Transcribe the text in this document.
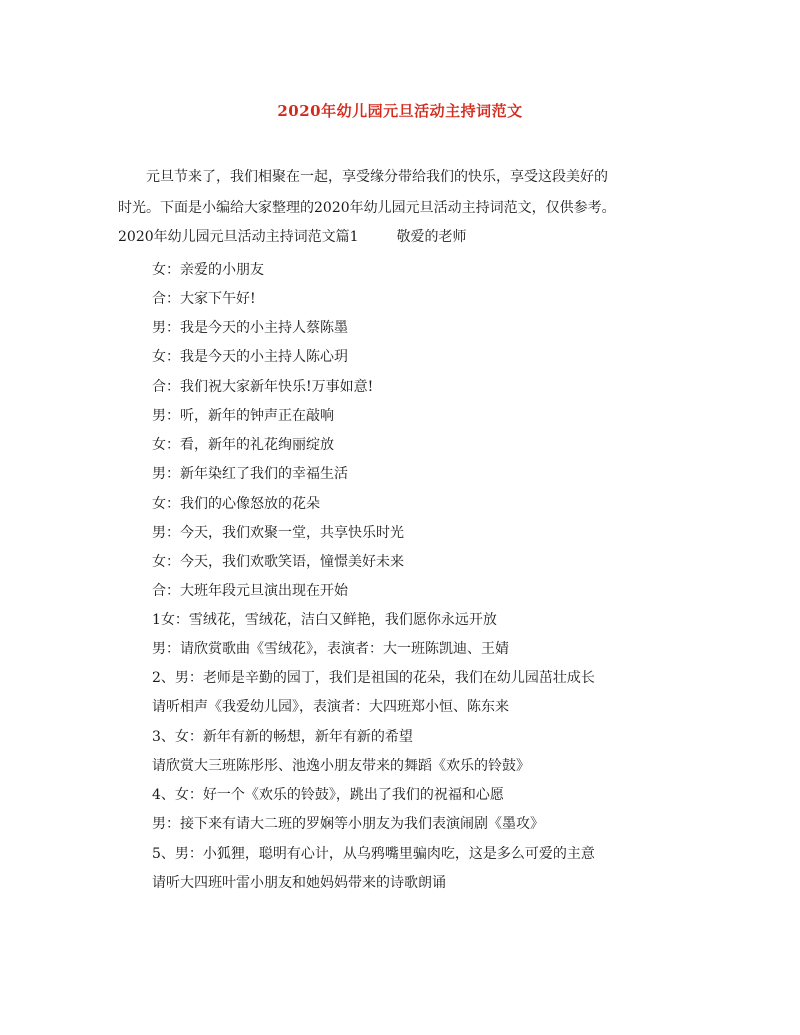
2020年幼儿园元旦活动主持词范文

元旦节来了，我们相聚在一起，享受缘分带给我们的快乐，享受这段美好的

时光。下面是小编给大家整理的2020年幼儿园元旦活动主持词范文，仅供参考。

2020年幼儿园元旦活动主持词范文篇1	敬爱的老师
女：亲爱的小朋友
合：大家下午好!
男：我是今天的小主持人蔡陈墨
女：我是今天的小主持人陈心玥
合：我们祝大家新年快乐!万事如意!
男：听，新年的钟声正在敲响
女：看，新年的礼花绚丽绽放
男：新年染红了我们的幸福生活
女：我们的心像怒放的花朵
男：今天，我们欢聚一堂，共享快乐时光
女：今天，我们欢歌笑语，憧憬美好未来
合：大班年段元旦演出现在开始
1女：雪绒花，雪绒花，洁白又鲜艳，我们愿你永远开放
男：请欣赏歌曲《雪绒花》，表演者：大一班陈凯迪、王婧
2、男：老师是辛勤的园丁，我们是祖国的花朵，我们在幼儿园茁壮成长
请听相声《我爱幼儿园》，表演者：大四班郑小恒、陈东来
3、女：新年有新的畅想，新年有新的希望
请欣赏大三班陈彤彤、池逸小朋友带来的舞蹈《欢乐的铃鼓》
4、女：好一个《欢乐的铃鼓》，跳出了我们的祝福和心愿
男：接下来有请大二班的罗娴等小朋友为我们表演闹剧《墨攻》
5、男：小狐狸，聪明有心计，从乌鸦嘴里骗肉吃，这是多么可爱的主意
请听大四班叶雷小朋友和她妈妈带来的诗歌朗诵
